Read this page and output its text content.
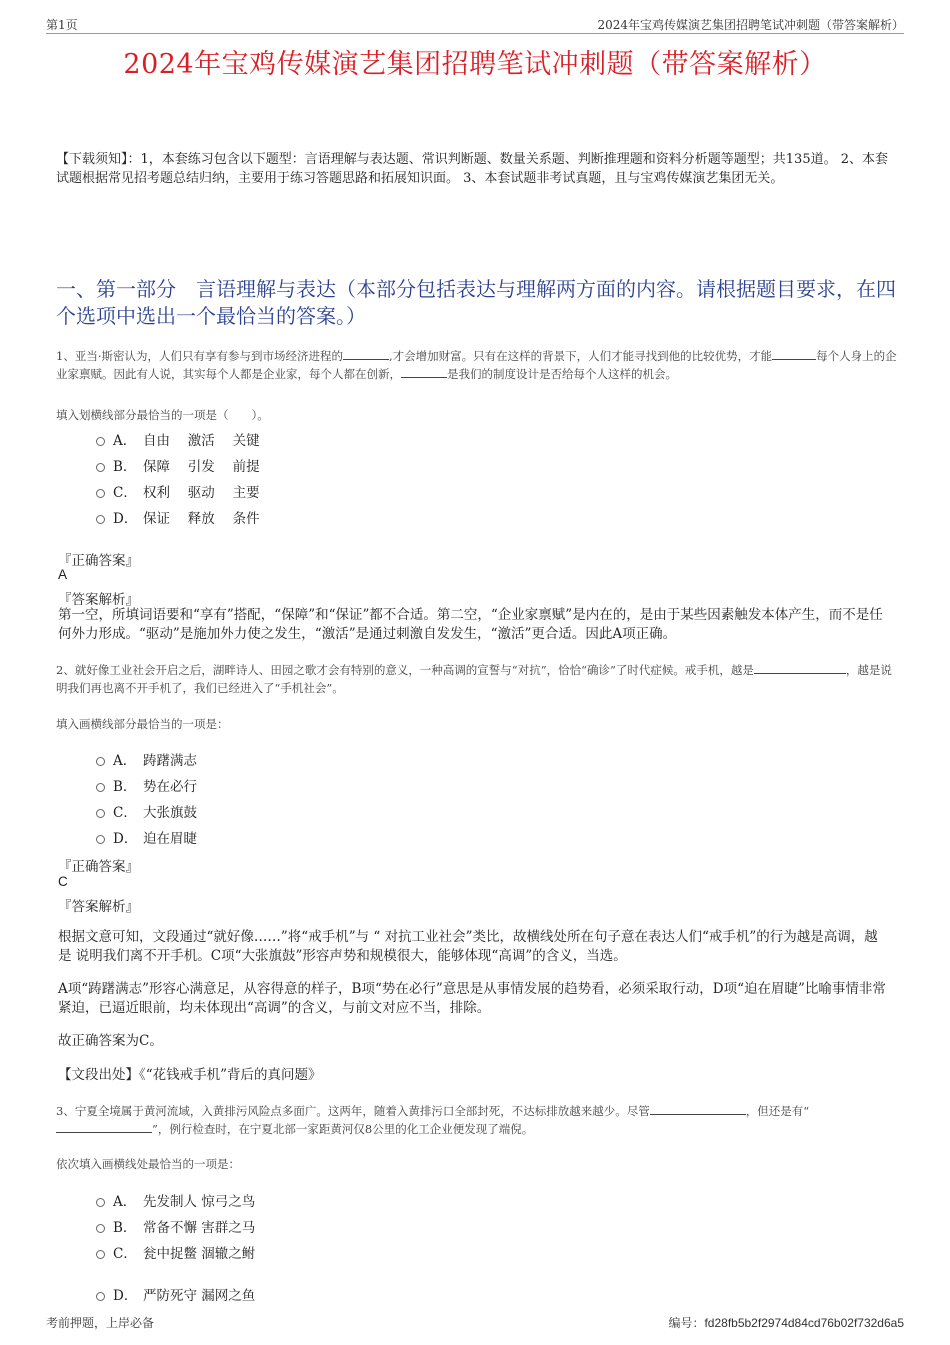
第1页	2024年宝鸡传媒演艺集团招聘笔试冲刺题（带答案解析）
2024年宝鸡传媒演艺集团招聘笔试冲刺题（带答案解析）
【下载须知】：1，本套练习包含以下题型：言语理解与表达题、常识判断题、数量关系题、判断推理题和资料分析题等题型；共135道。 2、本套试题根据常见招考题总结归纳，主要用于练习答题思路和拓展知识面。 3、本套试题非考试真题，且与宝鸡传媒演艺集团无关。
一、第一部分　言语理解与表达（本部分包括表达与理解两方面的内容。请根据题目要求，在四个选项中选出一个最恰当的答案。）
1、亚当·斯密认为，人们只有享有参与到市场经济进程的	,才会增加财富。只有在这样的背景下，人们才能寻找到他的比较优势，才能	每个人身上的企业家禀赋。因此有人说，其实每个人都是企业家，每个人都在创新，	是我们的制度设计是否给每个人这样的机会。
填入划横线部分最恰当的一项是（　　）。
A． 自由　 激活　 关键
B． 保障　 引发　 前提
C． 权利　 驱动　 主要
D． 保证　 释放　 条件
『正确答案』
A
『答案解析』
第一空，所填词语要和“享有”搭配，“保障”和“保证”都不合适。第二空，“企业家禀赋”是内在的，是由于某些因素触发本体产生，而不是任何外力形成。“驱动”是施加外力使之发生，“激活”是通过刺激自发发生，“激活”更合适。因此A项正确。
2、就好像工业社会开启之后，湖畔诗人、田园之歌才会有特别的意义，一种高调的宣誓与“对抗”，恰恰“确诊”了时代症候。戒手机，越是	，越是说明我们再也离不开手机了，我们已经进入了“手机社会”。
填入画横线部分最恰当的一项是：
A． 踌躇满志
B． 势在必行
C． 大张旗鼓
D． 迫在眉睫
『正确答案』
C
『答案解析』
根据文意可知，文段通过“就好像……”将“戒手机”与 “ 对抗工业社会”类比，故横线处所在句子意在表达人们“戒手机”的行为越是高调，越 是 说明我们离不开手机。C项“大张旗鼓”形容声势和规模很大，能够体现“高调”的含义，当选。
A项“踌躇满志”形容心满意足，从容得意的样子，B项“势在必行”意思是从事情发展的趋势看，必须采取行动，D项“迫在眉睫”比喻事情非常紧迫，已逼近眼前，均未体现出“高调”的含义，与前文对应不当，排除。
故正确答案为C。
【文段出处】《“花钱戒手机”背后的真问题》
3、宁夏全境属于黄河流域，入黄排污风险点多面广。这两年，随着入黄排污口全部封死，不达标排放越来越少。尽管	，但还是有“”，例行检查时，在宁夏北部一家距黄河仅8公里的化工企业便发现了端倪。
依次填入画横线处最恰当的一项是：
A． 先发制人 惊弓之鸟
B． 常备不懈 害群之马
C． 瓮中捉鳖 涸辙之鲋
D． 严防死守 漏网之鱼
考前押题，上岸必备	编号：fd28fb5b2f2974d84cd76b02f732d6a5
